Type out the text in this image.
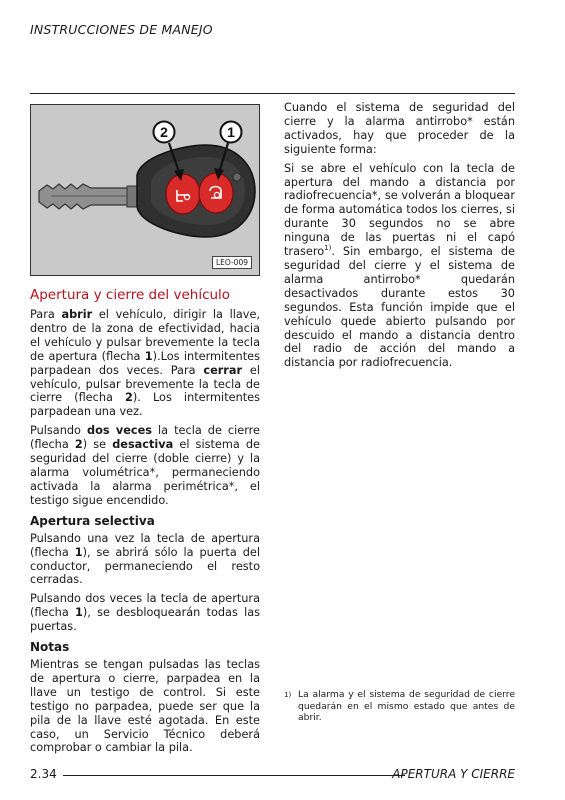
INSTRUCCIONES DE MANEJO
2	1
LEO-009
Apertura y cierre del vehículo

Para abrir el vehículo, dirigir la llave, dentro de la zona de efectividad, hacia el vehículo y pulsar brevemente la tecla de apertura (flecha 1).Los intermitentes parpadean dos veces. Para cerrar el vehículo, pulsar brevemente la tecla de cierre (flecha 2). Los intermitentes parpadean una vez.

Pulsando dos veces la tecla de cierre (flecha 2) se desactiva el sistema de seguridad del cierre (doble cierre) y la alarma volumétrica*, permaneciendo activada la alarma perimétrica*, el testigo sigue encendido.

Apertura selectiva

Pulsando una vez la tecla de apertura (flecha 1), se abrirá sólo la puerta del conductor, permaneciendo el resto cerradas.

Pulsando dos veces la tecla de apertura (flecha 1), se desbloquearán todas las puertas.

Notas

Mientras se tengan pulsadas las teclas de apertura o cierre, parpadea en la llave un testigo de control. Si este testigo no parpadea, puede ser que la pila de la llave esté agotada. En este caso, un Servicio Técnico deberá comprobar o cambiar la pila.

Cuando el sistema de seguridad del cierre y la alarma antirrobo* están activados, hay que proceder de la siguiente forma:

Si se abre el vehículo con la tecla de apertura del mando a distancia por radiofrecuencia*, se volverán a bloquear de forma automática todos los cierres, si durante 30 segundos no se abre ninguna de las puertas ni el capó trasero$^{1)}$. Sin embargo, el sistema de seguridad del cierre y el sistema de alarma antirrobo* quedarán desactivados durante estos 30 segundos. Esta función impide que el vehículo quede abierto pulsando por descuido el mando a distancia dentro del radio de acción del mando a distancia por radiofrecuencia.

1) La alarma y el sistema de seguridad de cierre quedarán en el mismo estado que antes de abrir.
2.34	APERTURA Y CIERRE
